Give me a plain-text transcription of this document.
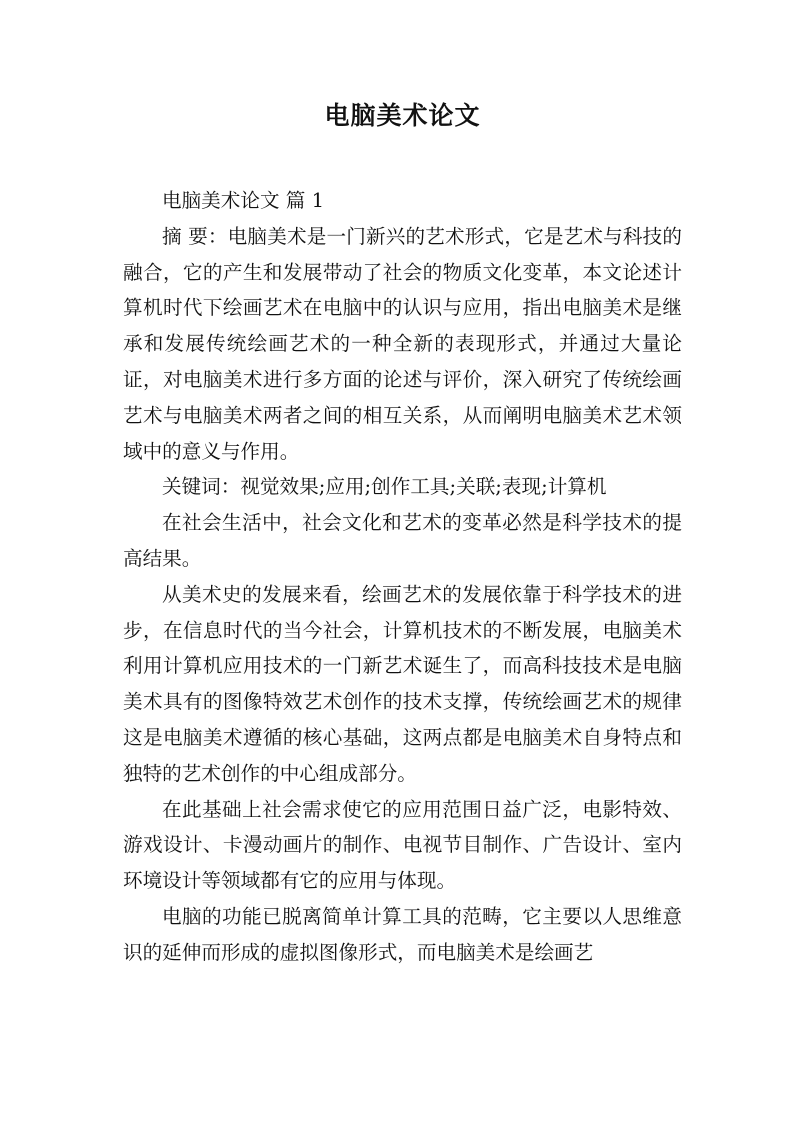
电脑美术论文

电脑美术论文 篇 1

摘 要：电脑美术是一门新兴的艺术形式，它是艺术与科技的融合，它的产生和发展带动了社会的物质文化变革，本文论述计算机时代下绘画艺术在电脑中的认识与应用，指出电脑美术是继承和发展传统绘画艺术的一种全新的表现形式，并通过大量论证，对电脑美术进行多方面的论述与评价，深入研究了传统绘画艺术与电脑美术两者之间的相互关系，从而阐明电脑美术艺术领域中的意义与作用。

关键词：视觉效果;应用;创作工具;关联;表现;计算机

在社会生活中，社会文化和艺术的变革必然是科学技术的提高结果。

从美术史的发展来看，绘画艺术的发展依靠于科学技术的进步，在信息时代的当今社会，计算机技术的不断发展，电脑美术利用计算机应用技术的一门新艺术诞生了，而高科技技术是电脑美术具有的图像特效艺术创作的技术支撑，传统绘画艺术的规律这是电脑美术遵循的核心基础，这两点都是电脑美术自身特点和独特的艺术创作的中心组成部分。

在此基础上社会需求使它的应用范围日益广泛，电影特效、游戏设计、卡漫动画片的制作、电视节目制作、广告设计、室内环境设计等领域都有它的应用与体现。

电脑的功能已脱离简单计算工具的范畴，它主要以人思维意识的延伸而形成的虚拟图像形式，而电脑美术是绘画艺
